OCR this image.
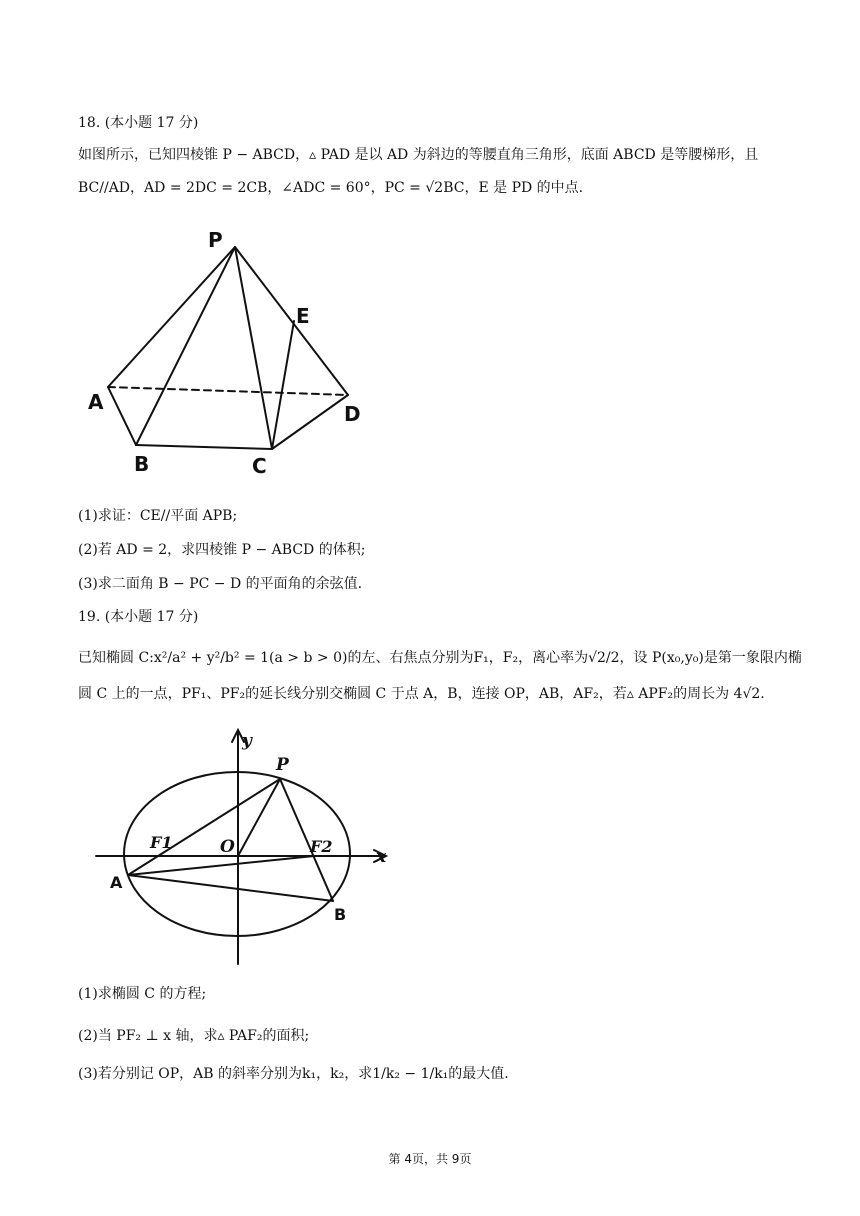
18. (本小题 17 分)
如图所示，已知四棱锥 P − ABCD，▵ PAD 是以 AD 为斜边的等腰直角三角形，底面 ABCD 是等腰梯形，且
BC//AD，AD = 2DC = 2CB，∠ADC = 60°，PC = √2BC，E 是 PD 的中点.
P
E
A	D
B	C
(1)求证：CE//平面 APB;
(2)若 AD = 2，求四棱锥 P − ABCD 的体积;
(3)求二面角 B − PC − D 的平面角的余弦值.
19. (本小题 17 分)
已知椭圆 C:x²/a² + y²/b² = 1(a > b > 0)的左、右焦点分别为F₁，F₂，离心率为√2/2，设 P(x₀,y₀)是第一象限内椭
圆 C 上的一点，PF₁、PF₂的延长线分别交椭圆 C 于点 A，B，连接 OP，AB，AF₂，若▵ APF₂的周长为 4√2.
y
P
F1	O	F2
x
A
B
(1)求椭圆 C 的方程;
(2)当 PF₂ ⊥ x 轴，求▵ PAF₂的面积;
(3)若分别记 OP，AB 的斜率分别为k₁，k₂，求1/k₂ − 1/k₁的最大值.
第 4页，共 9页
